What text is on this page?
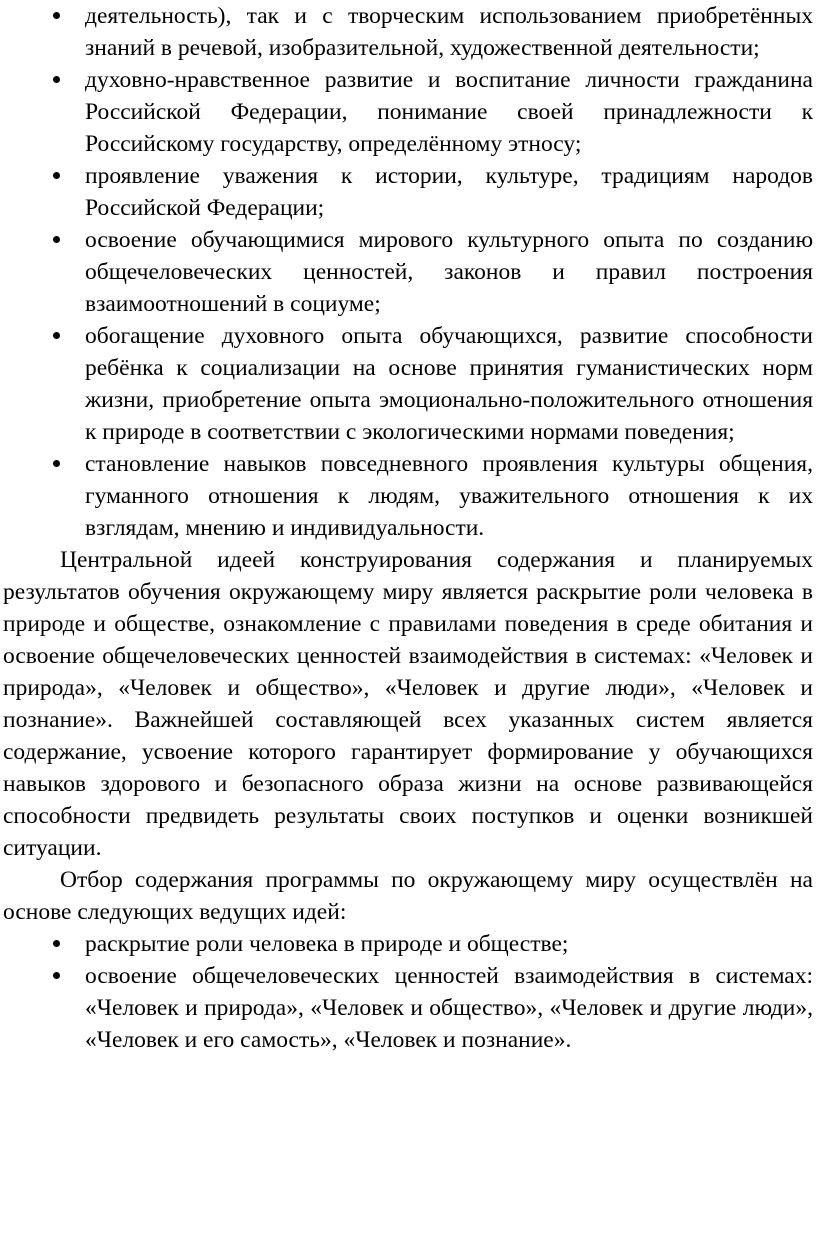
деятельность), так и с творческим использованием приобретённых знаний в речевой, изобразительной, художественной деятельности;
духовно-нравственное развитие и воспитание личности гражданина Российской Федерации, понимание своей принадлежности к Российскому государству, определённому этносу;
проявление уважения к истории, культуре, традициям народов Российской Федерации;
освоение обучающимися мирового культурного опыта по созданию общечеловеческих ценностей, законов и правил построения взаимоотношений в социуме;
обогащение духовного опыта обучающихся, развитие способности ребёнка к социализации на основе принятия гуманистических норм жизни, приобретение опыта эмоционально-положительного отношения к природе в соответствии с экологическими нормами поведения;
становление навыков повседневного проявления культуры общения, гуманного отношения к людям, уважительного отношения к их взглядам, мнению и индивидуальности.

Центральной идеей конструирования содержания и планируемых результатов обучения окружающему миру является раскрытие роли человека в природе и обществе, ознакомление с правилами поведения в среде обитания и освоение общечеловеческих ценностей взаимодействия в системах: «Человек и природа», «Человек и общество», «Человек и другие люди», «Человек и познание». Важнейшей составляющей всех указанных систем является содержание, усвоение которого гарантирует формирование у обучающихся навыков здорового и безопасного образа жизни на основе развивающейся способности предвидеть результаты своих поступков и оценки возникшей ситуации.

Отбор содержания программы по окружающему миру осуществлён на основе следующих ведущих идей:

раскрытие роли человека в природе и обществе;
освоение общечеловеческих ценностей взаимодействия в системах: «Человек и природа», «Человек и общество», «Человек и другие люди», «Человек и его самость», «Человек и познание».
